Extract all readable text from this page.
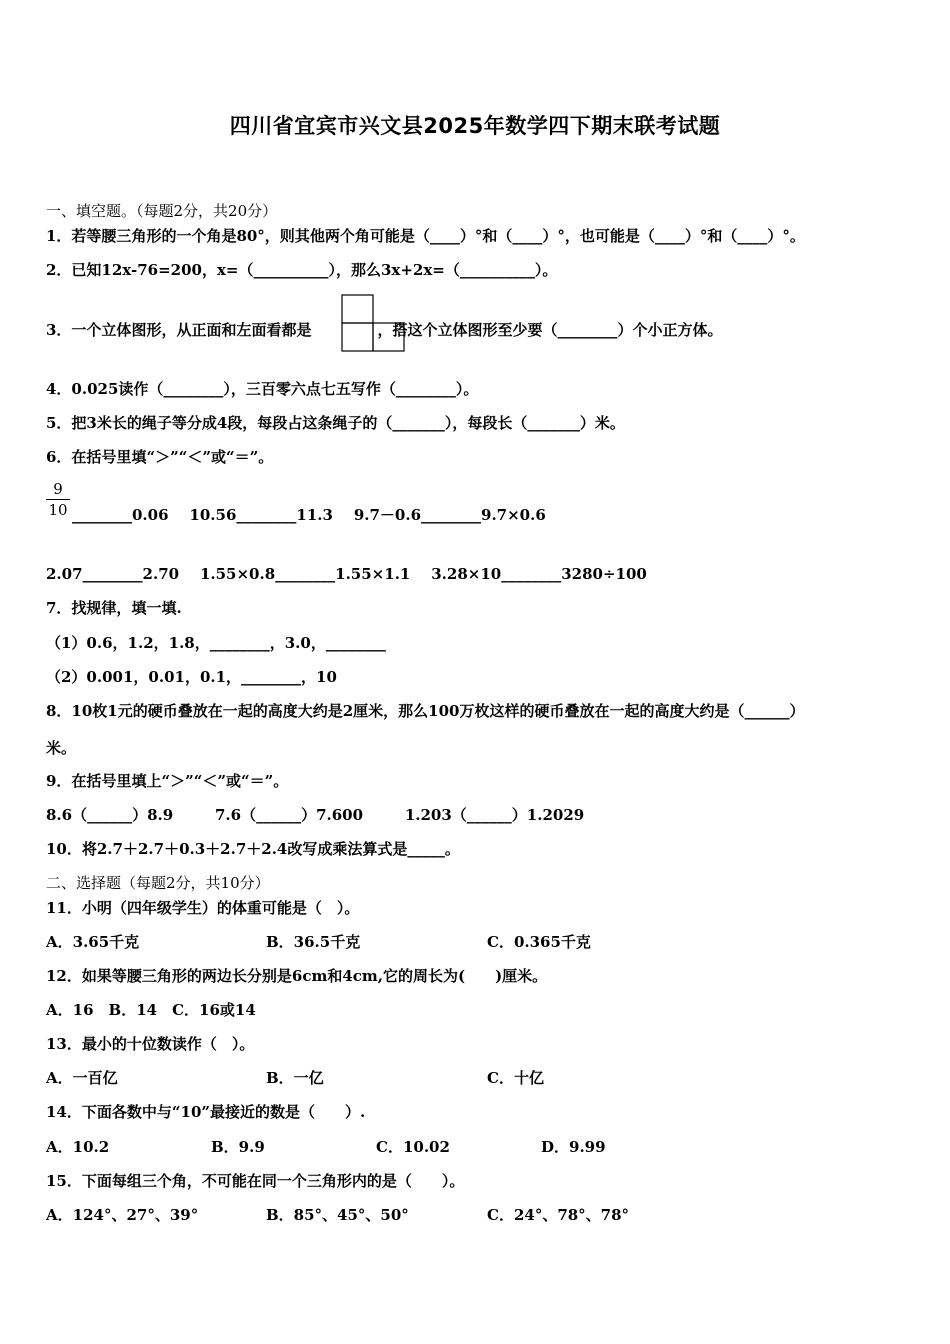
四川省宜宾市兴文县2025年数学四下期末联考试题
一、填空题。（每题2分，共20分）
1．若等腰三角形的一个角是80°，则其他两个角可能是（____）°和（____）°，也可能是（____）°和（____）°。
2．已知12x-76=200，x=（__________），那么3x+2x=（__________）。
3．一个立体图形，从正面和左面看都是	，搭这个立体图形至少要（________）个小正方体。
4．0.025读作（________），三百零六点七五写作（________）。
5．把3米长的绳子等分成4段，每段占这条绳子的（_______），每段长（_______）米。
6．在括号里填“＞”“＜”或“＝”。
9
10 ________0.06    10.56________11.3    9.7－0.6________9.7×0.6
2.07________2.70    1.55×0.8________1.55×1.1    3.28×10________3280÷100
7．找规律，填一填.
（1）0.6，1.2，1.8，________，3.0，________
（2）0.001，0.01，0.1，________，10
8．10枚1元的硬币叠放在一起的高度大约是2厘米，那么100万枚这样的硬币叠放在一起的高度大约是（______）
米。
9．在括号里填上“＞”“＜”或“＝”。
8.6（______）8.9        7.6（______）7.600        1.203（______）1.2029
10．将2.7＋2.7＋0.3＋2.7＋2.4改写成乘法算式是_____。
二、选择题（每题2分，共10分）
11．小明（四年级学生）的体重可能是（　）。
A．3.65千克	B．36.5千克	C．0.365千克
12．如果等腰三角形的两边长分别是6cm和4cm,它的周长为(　　)厘米。
A．16　B．14　C．16或14
13．最小的十位数读作（　）。
A．一百亿	B．一亿	C．十亿
14．下面各数中与“10”最接近的数是（　　）.
A．10.2	B．9.9	C．10.02	D．9.99
15．下面每组三个角，不可能在同一个三角形内的是（　　）。
A．124°、27°、39°	B．85°、45°、50°	C．24°、78°、78°
